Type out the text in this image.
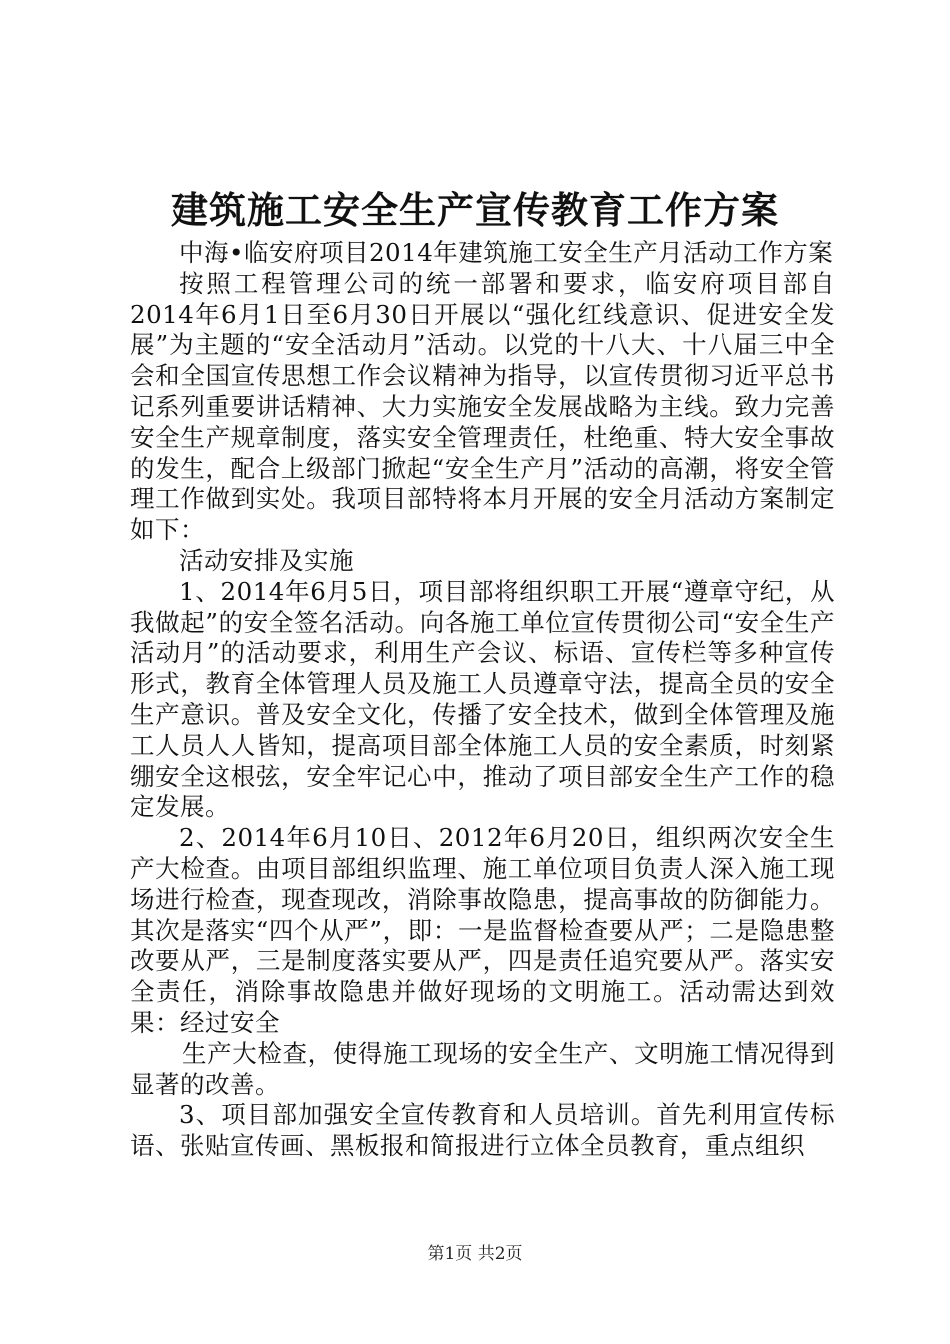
建筑施工安全生产宣传教育工作方案

中海•临安府项目2014年建筑施工安全生产月活动工作方案

按照工程管理公司的统一部署和要求，临安府项目部自2014年6月1日至6月30日开展以“强化红线意识、促进安全发展”为主题的“安全活动月”活动。以党的十八大、十八届三中全会和全国宣传思想工作会议精神为指导，以宣传贯彻习近平总书记系列重要讲话精神、大力实施安全发展战略为主线。致力完善安全生产规章制度，落实安全管理责任，杜绝重、特大安全事故的发生，配合上级部门掀起“安全生产月”活动的高潮，将安全管理工作做到实处。我项目部特将本月开展的安全月活动方案制定如下：

活动安排及实施

1、2014年6月5日，项目部将组织职工开展“遵章守纪，从我做起”的安全签名活动。向各施工单位宣传贯彻公司“安全生产活动月”的活动要求，利用生产会议、标语、宣传栏等多种宣传形式，教育全体管理人员及施工人员遵章守法，提高全员的安全生产意识。普及安全文化，传播了安全技术，做到全体管理及施工人员人人皆知，提高项目部全体施工人员的安全素质，时刻紧绷安全这根弦，安全牢记心中，推动了项目部安全生产工作的稳定发展。

2、2014年6月10日、2012年6月20日，组织两次安全生产大检查。由项目部组织监理、施工单位项目负责人深入施工现场进行检查，现查现改，消除事故隐患，提高事故的防御能力。其次是落实“四个从严”，即：一是监督检查要从严；二是隐患整改要从严，三是制度落实要从严，四是责任追究要从严。落实安全责任，消除事故隐患并做好现场的文明施工。活动需达到效果：经过安全

生产大检查，使得施工现场的安全生产、文明施工情况得到显著的改善。

3、项目部加强安全宣传教育和人员培训。首先利用宣传标语、张贴宣传画、黑板报和简报进行立体全员教育，重点组织

第1页 共2页
